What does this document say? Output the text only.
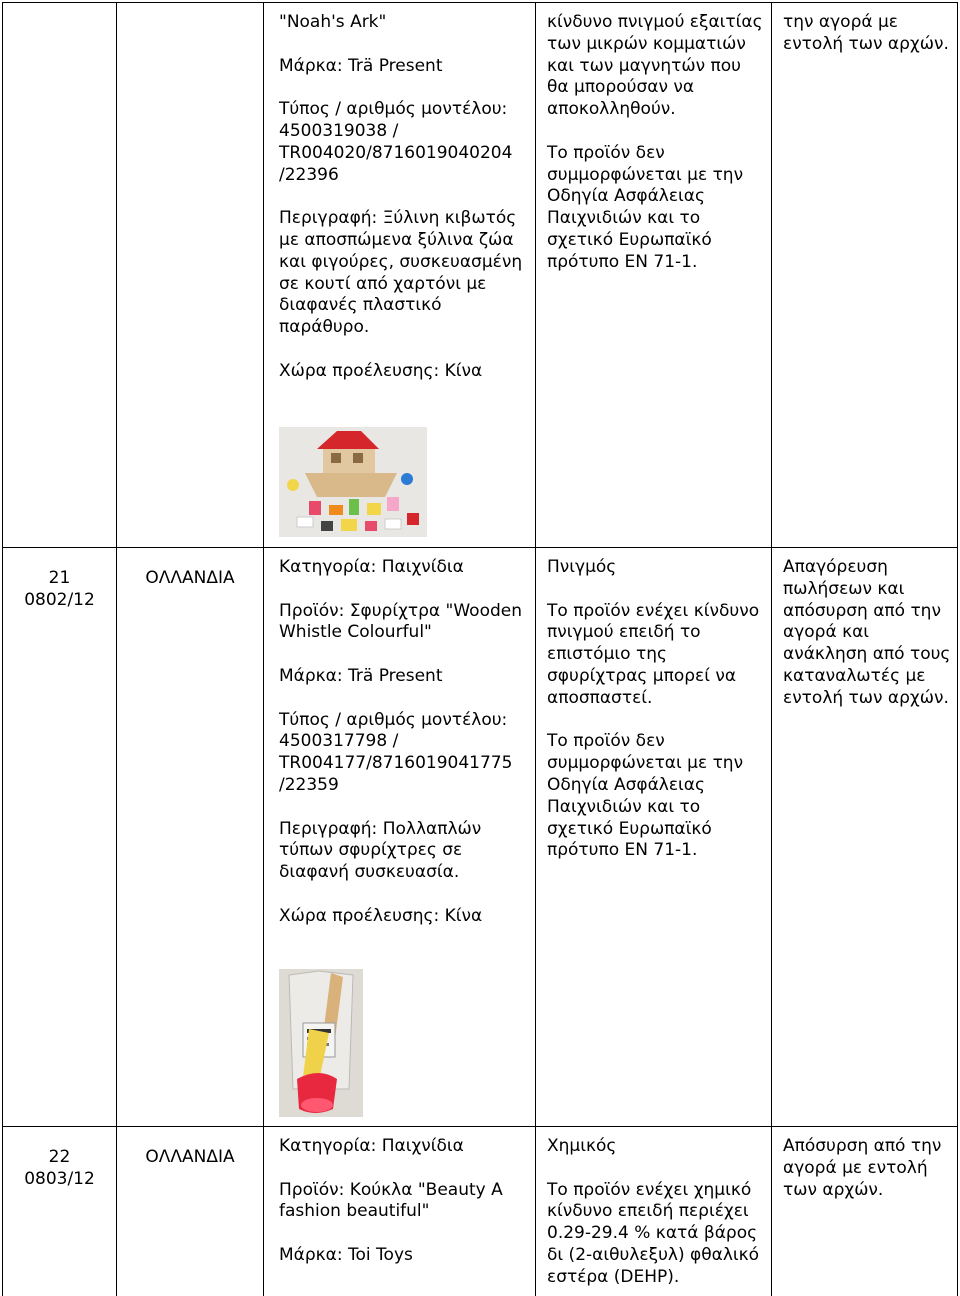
"Noah's Ark"

Μάρκα: Trä Present

Τύπος / αριθμός μοντέλου: 4500319038 / TR004020/8716019040204 /22396

Περιγραφή: Ξύλινη κιβωτός με αποσπώμενα ξύλινα ζώα και φιγούρες, συσκευασμένη σε κουτί από χαρτόνι με διαφανές πλαστικό παράθυρο.

Χώρα προέλευσης: Κίνα

κίνδυνο πνιγμού εξαιτίας των μικρών κομματιών και των μαγνητών που θα μπορούσαν να αποκολληθούν.

Το προϊόν δεν συμμορφώνεται με την Οδηγία Ασφάλειας Παιχνιδιών και το σχετικό Ευρωπαϊκό πρότυπο EN 71-1.

την αγορά με εντολή των αρχών.

21

0802/12

ΟΛΛΑΝΔΙΑ

Κατηγορία: Παιχνίδια

Προϊόν: Σφυρίχτρα "Wooden Whistle Colourful"

Μάρκα: Trä Present

Τύπος / αριθμός μοντέλου: 4500317798 / TR004177/8716019041775 /22359

Περιγραφή: Πολλαπλών τύπων σφυρίχτρες σε διαφανή συσκευασία.

Χώρα προέλευσης: Κίνα

Πνιγμός

Το προϊόν ενέχει κίνδυνο πνιγμού επειδή το επιστόμιο της σφυρίχτρας μπορεί να αποσπαστεί.

Το προϊόν δεν συμμορφώνεται με την Οδηγία Ασφάλειας Παιχνιδιών και το σχετικό Ευρωπαϊκό πρότυπο EN 71-1.

Απαγόρευση πωλήσεων και απόσυρση από την αγορά και ανάκληση από τους καταναλωτές με εντολή των αρχών.

22

0803/12

ΟΛΛΑΝΔΙΑ

Κατηγορία: Παιχνίδια

Προϊόν: Κούκλα "Beauty A fashion beautiful"

Μάρκα: Toi Toys

Χημικός

Το προϊόν ενέχει χημικό κίνδυνο επειδή περιέχει 0.29-29.4 % κατά βάρος δι (2-αιθυλεξυλ) φθαλικό εστέρα (DEHP).

Απόσυρση από την αγορά με εντολή των αρχών.
